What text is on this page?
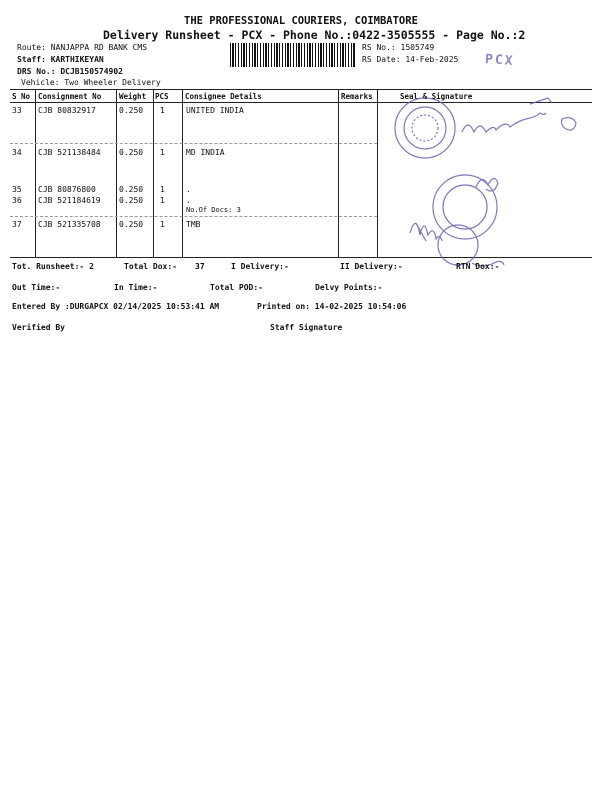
THE PROFESSIONAL COURIERS, COIMBATORE
Delivery Runsheet - PCX - Phone No.:0422-3505555 - Page No.:2
Route: NANJAPPA RD BANK CMS
Staff: KARTHIKEYAN
DRS No.: DCJB150574902
Vehicle: Two Wheeler Delivery
RS No.: 1505749
RS Date: 14-Feb-2025 PCX
S No Consignment No Weight PCS Consignee Details	Remarks	Seal & Signature
33 CJB 80832917	0.250 1	UNITED INDIA
34 CJB 521138484 0.250 1	MD INDIA
35 CJB 80876800	0.250 1	.
36 CJB 521184619 0.250 1	.
No.Of Docs: 3
37 CJB 521335708 0.250 1	TMB
Tot. Runsheet:- 2	Total Dox:- 37	I Delivery:-	II Delivery:-	RTN Dox:-
Out Time:-	In Time:-	Total POD:-	Delvy Points:-
Entered By :DURGAPCX 02/14/2025 10:53:41 AM	Printed on: 14-02-2025 10:54:06
Verified By	Staff Signature
